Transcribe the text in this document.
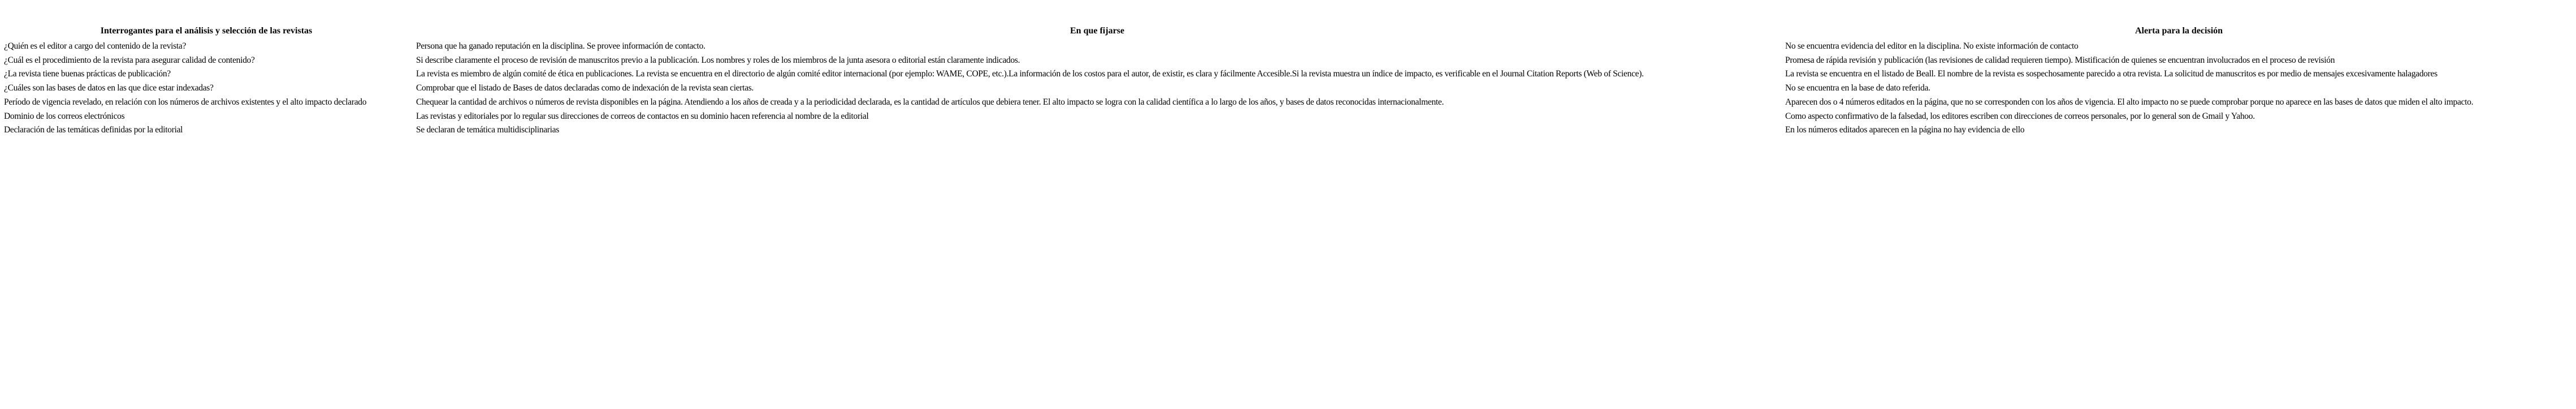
Interrogantes para el análisis y selección de las revistas	En que fijarse	Alerta para la decisión
¿Quién es el editor a cargo del contenido de la revista?	Persona que ha ganado reputación en la disciplina. Se provee información de contacto.	No se encuentra evidencia del editor en la disciplina. No existe información de contacto
¿Cuál es el procedimiento de la revista para asegurar calidad de contenido?	Si describe claramente el proceso de revisión de manuscritos previo a la publicación. Los nombres y roles de los miembros de la junta asesora o editorial están claramente indicados.	Promesa de rápida revisión y publicación (las revisiones de calidad requieren tiempo). Mistificación de quienes se encuentran involucrados en el proceso de revisión
¿La revista tiene buenas prácticas de publicación?	La revista es miembro de algún comité de ética en publicaciones. La revista se encuentra en el directorio de algún comité editor internacional (por ejemplo: WAME, COPE, etc.).La información de los costos para el autor, de existir, es clara y fácilmente Accesible.Si la revista muestra un índice de impacto, es verificable en el Journal Citation Reports (Web of Science).	La revista se encuentra en el listado de Beall. El nombre de la revista es sospechosamente parecido a otra revista. La solicitud de manuscritos es por medio de mensajes excesivamente halagadores
¿Cuáles son las bases de datos en las que dice estar indexadas?	Comprobar que el listado de Bases de datos declaradas como de indexación de la revista sean ciertas.	No se encuentra en la base de dato referida.
Período de vigencia revelado, en relación con los números de archivos existentes y el alto impacto declarado	Chequear la cantidad de archivos o números de revista disponibles en la página. Atendiendo a los años de creada y a la periodicidad declarada, es la cantidad de artículos que debiera tener. El alto impacto se logra con la calidad científica a lo largo de los años, y bases de datos reconocidas internacionalmente.	Aparecen dos o 4 números editados en la página, que no se corresponden con los años de vigencia. El alto impacto no se puede comprobar porque no aparece en las bases de datos que miden el alto impacto.
Dominio de los correos electrónicos	Las revistas y editoriales por lo regular sus direcciones de correos de contactos en su dominio hacen referencia al nombre de la editorial	Como aspecto confirmativo de la falsedad, los editores escriben con direcciones de correos personales, por lo general son de Gmail y Yahoo.
Declaración de las temáticas definidas por la editorial	Se declaran de temática multidisciplinarias	En los números editados aparecen en la página no hay evidencia de ello
